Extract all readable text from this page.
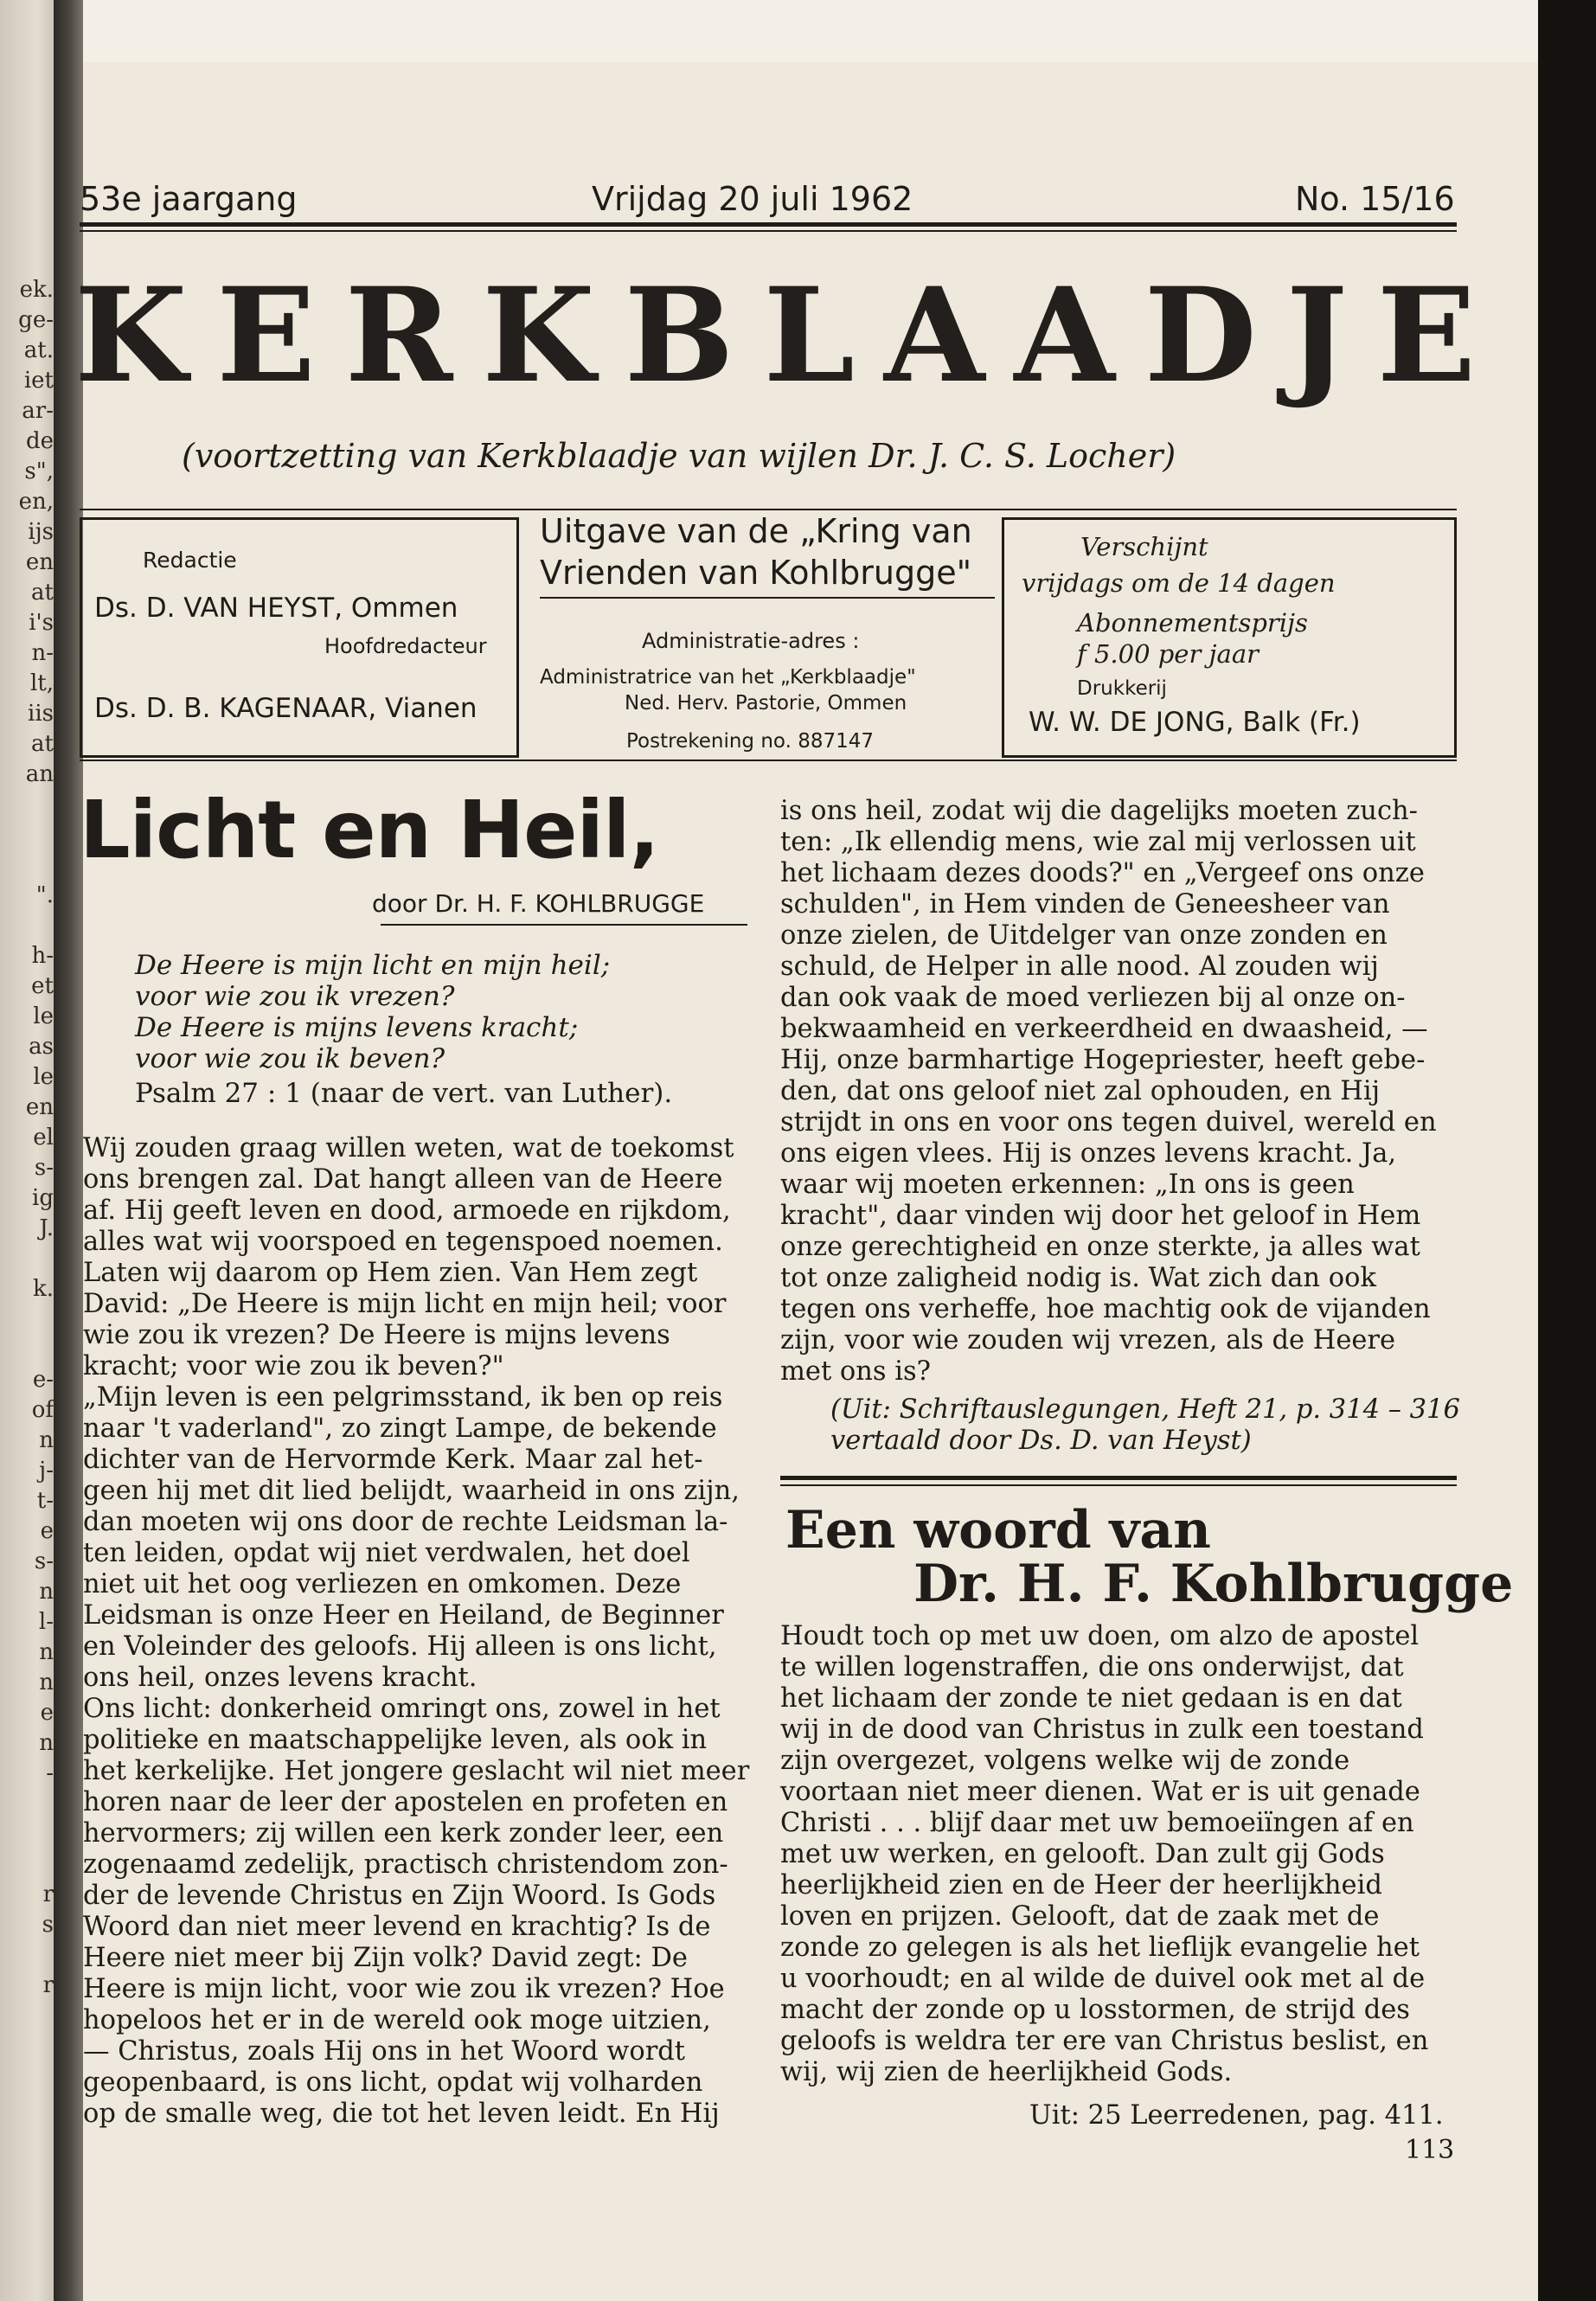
ek.
ge-
at.
iet
ar-
de
s",
en,
ijs
en
at
i's
n-
lt,
iis
at
an
".
h-
et
le
as
le
en
el
s-
ig
J.
k.
e-
of
n
j-
t-
e
s-
n
l-
n
n
e
n
-
r
s
r
53e jaargang	Vrijdag 20 juli 1962	No. 15/16
KERKBLAADJE
(voortzetting van Kerkblaadje van wijlen Dr. J. C. S. Locher)
Redactie
Ds. D. VAN HEYST, Ommen
Hoofdredacteur
Ds. D. B. KAGENAAR, Vianen
Uitgave van de „Kring van
Vrienden van Kohlbrugge"
Administratie-adres :
Administratrice van het „Kerkblaadje"
Ned. Herv. Pastorie, Ommen
Postrekening no. 887147
Verschijnt
vrijdags om de 14 dagen
Abonnementsprijs
f 5.00 per jaar
Drukkerij
W. W. DE JONG, Balk (Fr.)
Licht en Heil,
door Dr. H. F. KOHLBRUGGE

De Heere is mijn licht en mijn heil;

voor wie zou ik vrezen?

De Heere is mijns levens kracht;

voor wie zou ik beven?

Psalm 27 : 1 (naar de vert. van Luther).

Wij zouden graag willen weten, wat de toekomst

ons brengen zal. Dat hangt alleen van de Heere

af. Hij geeft leven en dood, armoede en rijkdom,

alles wat wij voorspoed en tegenspoed noemen.

Laten wij daarom op Hem zien. Van Hem zegt

David: „De Heere is mijn licht en mijn heil; voor

wie zou ik vrezen? De Heere is mijns levens

kracht; voor wie zou ik beven?"

„Mijn leven is een pelgrimsstand, ik ben op reis

naar 't vaderland", zo zingt Lampe, de bekende

dichter van de Hervormde Kerk. Maar zal het-

geen hij met dit lied belijdt, waarheid in ons zijn,

dan moeten wij ons door de rechte Leidsman la-

ten leiden, opdat wij niet verdwalen, het doel

niet uit het oog verliezen en omkomen. Deze

Leidsman is onze Heer en Heiland, de Beginner

en Voleinder des geloofs. Hij alleen is ons licht,

ons heil, onzes levens kracht.

Ons licht: donkerheid omringt ons, zowel in het

politieke en maatschappelijke leven, als ook in

het kerkelijke. Het jongere geslacht wil niet meer

horen naar de leer der apostelen en profeten en

hervormers; zij willen een kerk zonder leer, een

zogenaamd zedelijk, practisch christendom zon-

der de levende Christus en Zijn Woord. Is Gods

Woord dan niet meer levend en krachtig? Is de

Heere niet meer bij Zijn volk? David zegt: De

Heere is mijn licht, voor wie zou ik vrezen? Hoe

hopeloos het er in de wereld ook moge uitzien,

— Christus, zoals Hij ons in het Woord wordt

geopenbaard, is ons licht, opdat wij volharden

op de smalle weg, die tot het leven leidt. En Hij

is ons heil, zodat wij die dagelijks moeten zuch-

ten: „Ik ellendig mens, wie zal mij verlossen uit

het lichaam dezes doods?" en „Vergeef ons onze

schulden", in Hem vinden de Geneesheer van

onze zielen, de Uitdelger van onze zonden en

schuld, de Helper in alle nood. Al zouden wij

dan ook vaak de moed verliezen bij al onze on-

bekwaamheid en verkeerdheid en dwaasheid, —

Hij, onze barmhartige Hogepriester, heeft gebe-

den, dat ons geloof niet zal ophouden, en Hij

strijdt in ons en voor ons tegen duivel, wereld en

ons eigen vlees. Hij is onzes levens kracht. Ja,

waar wij moeten erkennen: „In ons is geen

kracht", daar vinden wij door het geloof in Hem

onze gerechtigheid en onze sterkte, ja alles wat

tot onze zaligheid nodig is. Wat zich dan ook

tegen ons verheffe, hoe machtig ook de vijanden

zijn, voor wie zouden wij vrezen, als de Heere

met ons is?

(Uit: Schriftauslegungen, Heft 21, p. 314 – 316
vertaald door Ds. D. van Heyst)
Een woord van
Dr. H. F. Kohlbrugge

Houdt toch op met uw doen, om alzo de apostel

te willen logenstraffen, die ons onderwijst, dat

het lichaam der zonde te niet gedaan is en dat

wij in de dood van Christus in zulk een toestand

zijn overgezet, volgens welke wij de zonde

voortaan niet meer dienen. Wat er is uit genade

Christi . . . blijf daar met uw bemoeiïngen af en

met uw werken, en gelooft. Dan zult gij Gods

heerlijkheid zien en de Heer der heerlijkheid

loven en prijzen. Gelooft, dat de zaak met de

zonde zo gelegen is als het lieflijk evangelie het

u voorhoudt; en al wilde de duivel ook met al de

macht der zonde op u losstormen, de strijd des

geloofs is weldra ter ere van Christus beslist, en

wij, wij zien de heerlijkheid Gods.

Uit: 25 Leerredenen, pag. 411.
113
